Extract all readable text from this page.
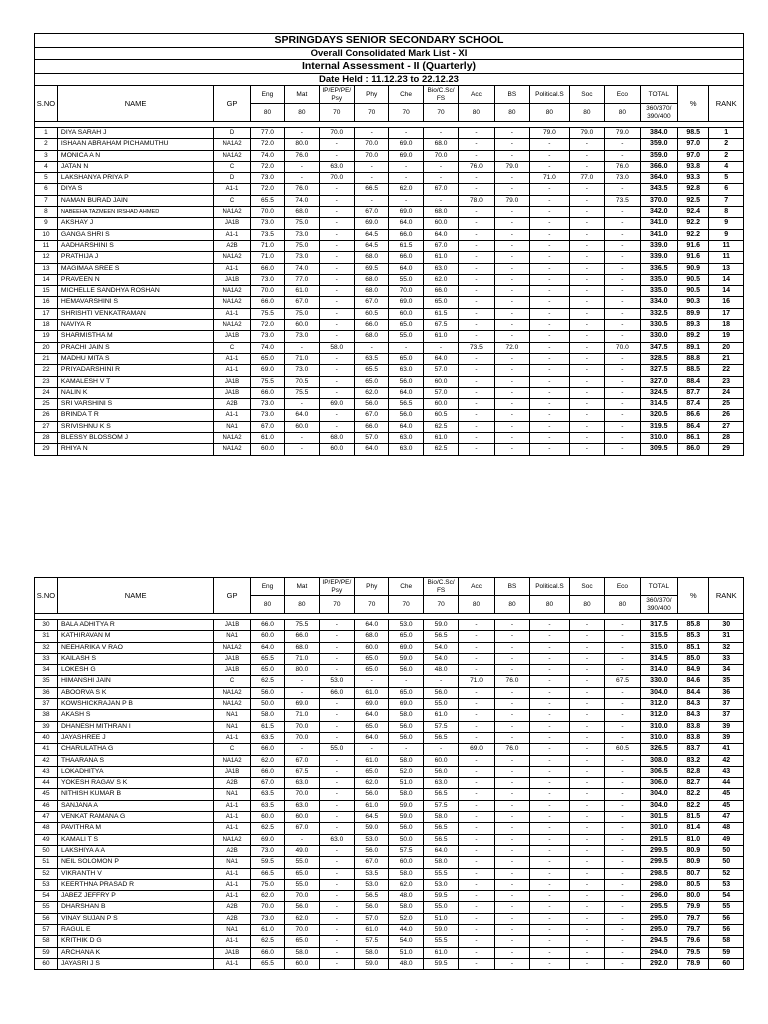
SPRINGDAYS SENIOR SECONDARY SCHOOL																
Overall Consolidated Mark List - XI																
Internal Assessment - II (Quarterly)																
Date Held : 11.12.23 to 22.12.23																
S.NO	NAME	GP	Eng	Mat	IP/EP/PE/ Psy	Phy	Che	Bio/C.Sc/ FS	Acc	BS	Political.S	Soc	Eco	TOTAL	%	RANK
			80	80	70	70	70	70	80	80	80	80	80	360/370/ 390/400		

1	DIYA SARAH J	D	77.0	-	70.0	-	-	-	-	-	79.0	79.0	79.0	384.0	98.5	1
2	ISHAAN ABRAHAM PICHAMUTHU	NA1A2	72.0	80.0	-	70.0	69.0	68.0	-	-	-	-	-	359.0	97.0	2
3	MONICA A N	NA1A2	74.0	76.0	-	70.0	69.0	70.0	-	-	-	-	-	359.0	97.0	2
4	JATAN N	C	72.0	-	63.0	-	-	-	76.0	79.0	-	-	76.0	366.0	93.8	4
5	LAKSHANYA PRIYA P	D	73.0	-	70.0	-	-	-	-	-	71.0	77.0	73.0	364.0	93.3	5
6	DIYA S	A1-1	72.0	76.0	-	66.5	62.0	67.0	-	-	-	-	-	343.5	92.8	6
7	NAMAN BURAD JAIN	C	65.5	74.0	-	-	-	-	78.0	79.0	-	-	73.5	370.0	92.5	7
8	NABEEHA TAZMEEN IRSHAD AHMED	NA1A2	70.0	68.0	-	67.0	69.0	68.0	-	-	-	-	-	342.0	92.4	8
9	AKSHAY J	JA1B	73.0	75.0	-	69.0	64.0	60.0	-	-	-	-	-	341.0	92.2	9
10	GANGA SHRI S	A1-1	73.5	73.0	-	64.5	66.0	64.0	-	-	-	-	-	341.0	92.2	9
11	AADHARSHINI S	A2B	71.0	75.0	-	64.5	61.5	67.0	-	-	-	-	-	339.0	91.6	11
12	PRATHIJA J	NA1A2	71.0	73.0	-	68.0	66.0	61.0	-	-	-	-	-	339.0	91.6	11
13	MAGIMAA SREE S	A1-1	66.0	74.0	-	69.5	64.0	63.0	-	-	-	-	-	336.5	90.9	13
14	PRAVEEN N	JA1B	73.0	77.0	-	68.0	55.0	62.0	-	-	-	-	-	335.0	90.5	14
15	MICHELLE SANDHYA ROSHAN	NA1A2	70.0	61.0	-	68.0	70.0	66.0	-	-	-	-	-	335.0	90.5	14
16	HEMAVARSHINI S	NA1A2	66.0	67.0	-	67.0	69.0	65.0	-	-	-	-	-	334.0	90.3	16
17	SHRISHTI VENKATRAMAN	A1-1	75.5	75.0	-	60.5	60.0	61.5	-	-	-	-	-	332.5	89.9	17
18	NAVIYA R	NA1A2	72.0	60.0	-	66.0	65.0	67.5	-	-	-	-	-	330.5	89.3	18
19	SHARMISTHA M	JA1B	73.0	73.0	-	68.0	55.0	61.0	-	-	-	-	-	330.0	89.2	19
20	PRACHI JAIN S	C	74.0	-	58.0	-	-	-	73.5	72.0	-	-	70.0	347.5	89.1	20
21	MADHU MITA S	A1-1	65.0	71.0	-	63.5	65.0	64.0	-	-	-	-	-	328.5	88.8	21
22	PRIYADARSHINI R	A1-1	69.0	73.0	-	65.5	63.0	57.0	-	-	-	-	-	327.5	88.5	22
23	KAMALESH V T	JA1B	75.5	70.5	-	65.0	56.0	60.0	-	-	-	-	-	327.0	88.4	23
24	NALIN K	JA1B	66.0	75.5	-	62.0	64.0	57.0	-	-	-	-	-	324.5	87.7	24
25	SRI VARSHINI S	A2B	73.0	-	69.0	56.0	56.5	60.0	-	-	-	-	-	314.5	87.4	25
26	BRINDA T R	A1-1	73.0	64.0	-	67.0	56.0	60.5	-	-	-	-	-	320.5	86.6	26
27	SRIVISHNU K S	NA1	67.0	60.0	-	66.0	64.0	62.5	-	-	-	-	-	319.5	86.4	27
28	BLESSY BLOSSOM J	NA1A2	61.0	-	68.0	57.0	63.0	61.0	-	-	-	-	-	310.0	86.1	28
29	RHIYA N	NA1A2	60.0	-	60.0	64.0	63.0	62.5	-	-	-	-	-	309.5	86.0	29
S.NO	NAME	GP	Eng	Mat	IP/EP/PE/ Psy	Phy	Che	Bio/C.Sc/ FS	Acc	BS	Political.S	Soc	Eco	TOTAL	%	RANK
			80	80	70	70	70	70	80	80	80	80	80	360/370/ 390/400		

30	BALA ADHITYA R	JA1B	66.0	75.5	-	64.0	53.0	59.0	-	-	-	-	-	317.5	85.8	30
31	KATHIRAVAN M	NA1	60.0	66.0	-	68.0	65.0	56.5	-	-	-	-	-	315.5	85.3	31
32	NEEHARIKA V RAO	NA1A2	64.0	68.0	-	60.0	69.0	54.0	-	-	-	-	-	315.0	85.1	32
33	KAILASH S	JA1B	65.5	71.0	-	65.0	59.0	54.0	-	-	-	-	-	314.5	85.0	33
34	LOKESH G	JA1B	65.0	80.0	-	65.0	56.0	48.0	-	-	-	-	-	314.0	84.9	34
35	HIMANSHI JAIN	C	62.5	-	53.0	-	-	-	71.0	76.0	-	-	67.5	330.0	84.6	35
36	ABOORVA S K	NA1A2	56.0	-	66.0	61.0	65.0	56.0	-	-	-	-	-	304.0	84.4	36
37	KOWSHICKRAJAN P B	NA1A2	50.0	69.0	-	69.0	69.0	55.0	-	-	-	-	-	312.0	84.3	37
38	AKASH S	NA1	58.0	71.0	-	64.0	58.0	61.0	-	-	-	-	-	312.0	84.3	37
39	DHANESH MITHRAN I	NA1	61.5	70.0	-	65.0	56.0	57.5	-	-	-	-	-	310.0	83.8	39
40	JAYASHREE J	A1-1	63.5	70.0	-	64.0	56.0	56.5	-	-	-	-	-	310.0	83.8	39
41	CHARULATHA G	C	66.0	-	55.0	-	-	-	69.0	76.0	-	-	60.5	326.5	83.7	41
42	THAARANA S	NA1A2	62.0	67.0	-	61.0	58.0	60.0	-	-	-	-	-	308.0	83.2	42
43	LOKADHITYA	JA1B	66.0	67.5	-	65.0	52.0	56.0	-	-	-	-	-	306.5	82.8	43
44	YOKESH RAGAV S K	A2B	67.0	63.0	-	62.0	51.0	63.0	-	-	-	-	-	306.0	82.7	44
45	NITHISH KUMAR B	NA1	63.5	70.0	-	56.0	58.0	56.5	-	-	-	-	-	304.0	82.2	45
46	SANJANA A	A1-1	63.5	63.0	-	61.0	59.0	57.5	-	-	-	-	-	304.0	82.2	45
47	VENKAT RAMANA G	A1-1	60.0	60.0	-	64.5	59.0	58.0	-	-	-	-	-	301.5	81.5	47
48	PAVITHRA M	A1-1	62.5	67.0	-	59.0	56.0	56.5	-	-	-	-	-	301.0	81.4	48
49	KAMALI T S	NA1A2	69.0	-	63.0	53.0	50.0	56.5	-	-	-	-	-	291.5	81.0	49
50	LAKSHIYA A A	A2B	73.0	49.0	-	56.0	57.5	64.0	-	-	-	-	-	299.5	80.9	50
51	NEIL SOLOMON P	NA1	59.5	55.0	-	67.0	60.0	58.0	-	-	-	-	-	299.5	80.9	50
52	VIKRANTH V	A1-1	66.5	65.0	-	53.5	58.0	55.5	-	-	-	-	-	298.5	80.7	52
53	KEERTHNA PRASAD R	A1-1	75.0	55.0	-	53.0	62.0	53.0	-	-	-	-	-	298.0	80.5	53
54	JABEZ JEFFRY P	A1-1	62.0	70.0	-	56.5	48.0	59.5	-	-	-	-	-	296.0	80.0	54
55	DHARSHAN B	A2B	70.0	56.0	-	56.0	58.0	55.0	-	-	-	-	-	295.5	79.9	55
56	VINAY SUJAN P S	A2B	73.0	62.0	-	57.0	52.0	51.0	-	-	-	-	-	295.0	79.7	56
57	RAGUL E	NA1	61.0	70.0	-	61.0	44.0	59.0	-	-	-	-	-	295.0	79.7	56
58	KRITHIK D G	A1-1	62.5	65.0	-	57.5	54.0	55.5	-	-	-	-	-	294.5	79.6	58
59	ARCHANA K	JA1B	66.0	58.0	-	58.0	51.0	61.0	-	-	-	-	-	294.0	79.5	59
60	JAYASRI J S	A1-1	65.5	60.0	-	59.0	48.0	59.5	-	-	-	-	-	292.0	78.9	60
